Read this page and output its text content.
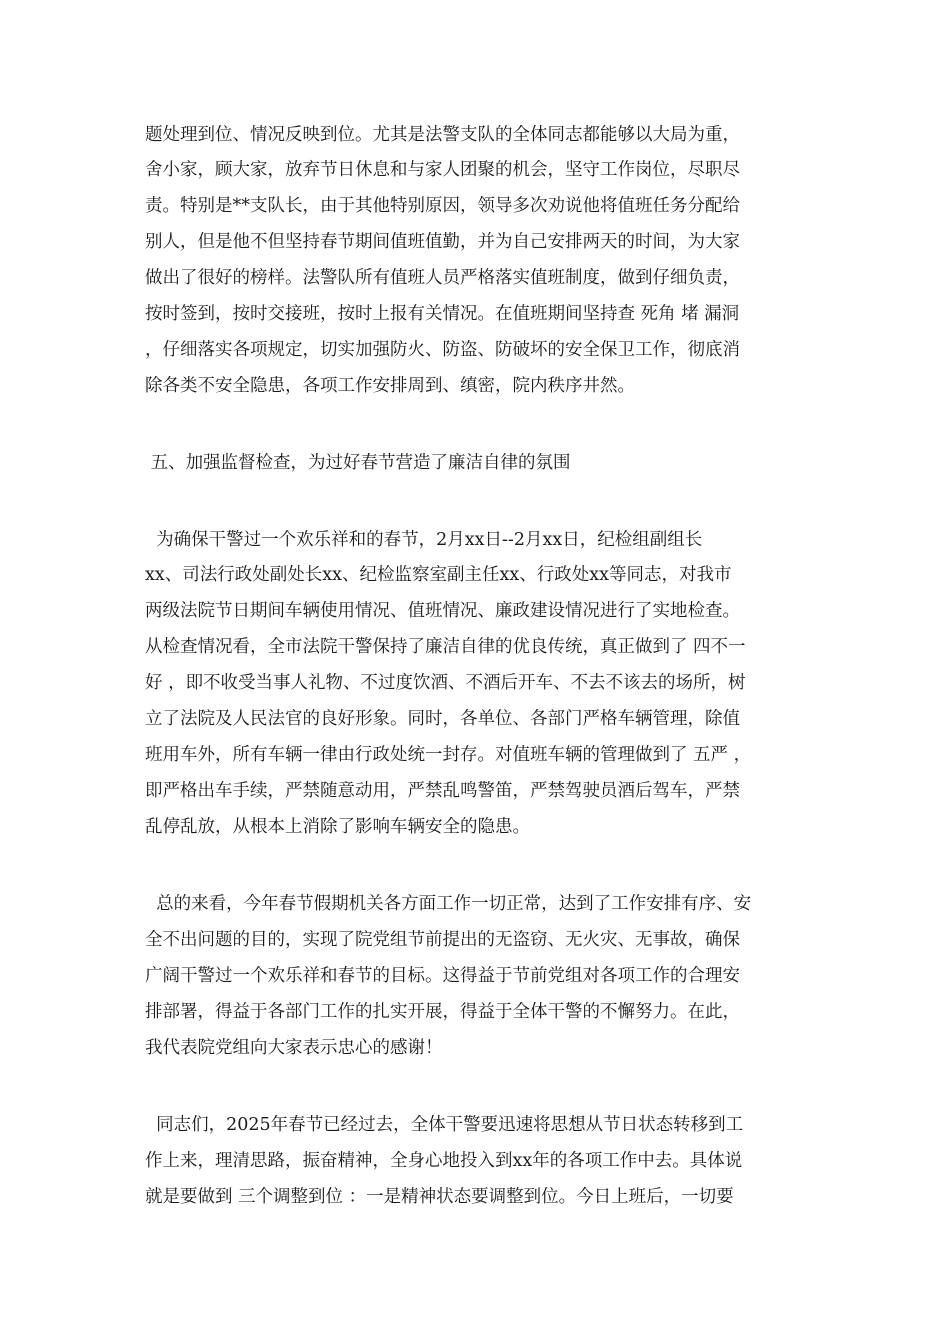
题处理到位、情况反映到位。尤其是法警支队的全体同志都能够以大局为重，
舍小家，顾大家，放弃节日休息和与家人团聚的机会，坚守工作岗位，尽职尽
责。特别是**支队长，由于其他特别原因，领导多次劝说他将值班任务分配给
别人，但是他不但坚持春节期间值班值勤，并为自己安排两天的时间，为大家
做出了很好的榜样。法警队所有值班人员严格落实值班制度，做到仔细负责，
按时签到，按时交接班，按时上报有关情况。在值班期间坚持查 死角 堵 漏洞
，仔细落实各项规定，切实加强防火、防盗、防破坏的安全保卫工作，彻底消
除各类不安全隐患，各项工作安排周到、缜密，院内秩序井然。
五、加强监督检查，为过好春节营造了廉洁自律的氛围
为确保干警过一个欢乐祥和的春节，2月xx日--2月xx日，纪检组副组长
xx、司法行政处副处长xx、纪检监察室副主任xx、行政处xx等同志，对我市
两级法院节日期间车辆使用情况、值班情况、廉政建设情况进行了实地检查。
从检查情况看，全市法院干警保持了廉洁自律的优良传统，真正做到了 四不一
好 ，即不收受当事人礼物、不过度饮酒、不酒后开车、不去不该去的场所，树
立了法院及人民法官的良好形象。同时，各单位、各部门严格车辆管理，除值
班用车外，所有车辆一律由行政处统一封存。对值班车辆的管理做到了 五严 ，
即严格出车手续，严禁随意动用，严禁乱鸣警笛，严禁驾驶员酒后驾车，严禁
乱停乱放，从根本上消除了影响车辆安全的隐患。
总的来看，今年春节假期机关各方面工作一切正常，达到了工作安排有序、安
全不出问题的目的，实现了院党组节前提出的无盗窃、无火灾、无事故，确保
广阔干警过一个欢乐祥和春节的目标。这得益于节前党组对各项工作的合理安
排部署，得益于各部门工作的扎实开展，得益于全体干警的不懈努力。在此，
我代表院党组向大家表示忠心的感谢！
同志们，2025年春节已经过去，全体干警要迅速将思想从节日状态转移到工
作上来，理清思路，振奋精神，全身心地投入到xx年的各项工作中去。具体说
就是要做到 三个调整到位 ：一是精神状态要调整到位。今日上班后，一切要
